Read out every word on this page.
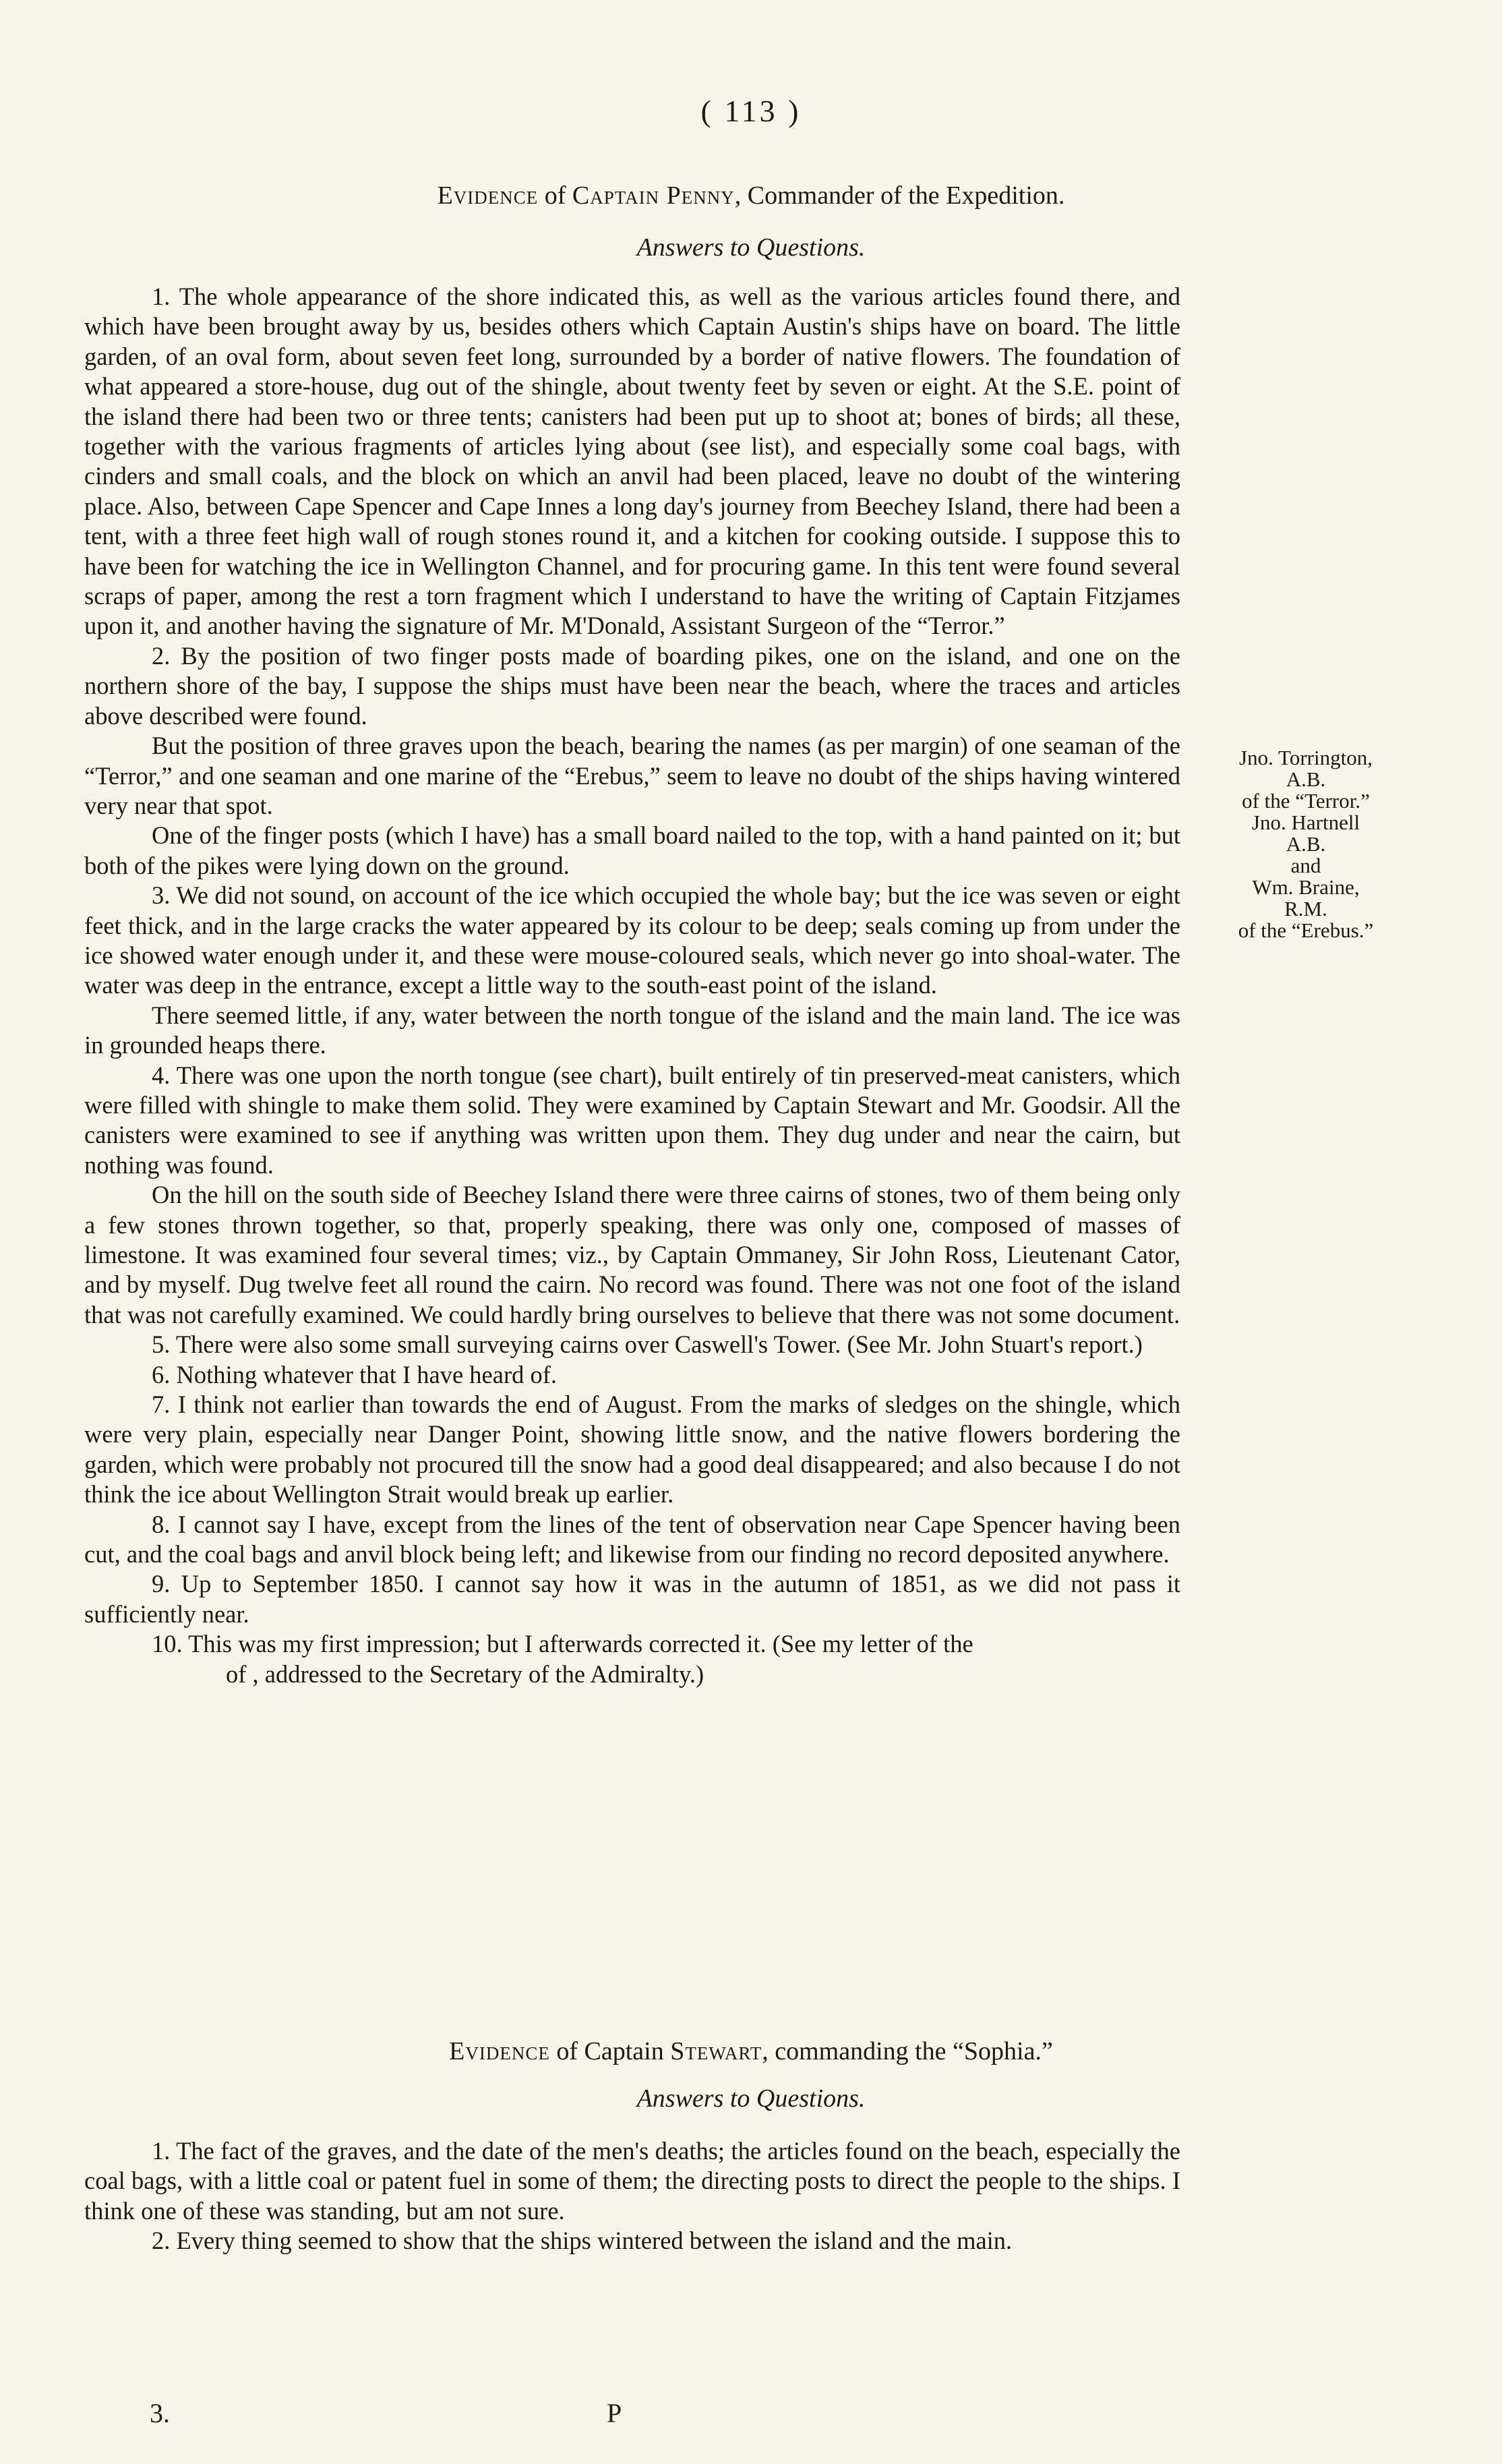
( 113 )
Evidence of Captain Penny, Commander of the Expedition.
Answers to Questions.

1. The whole appearance of the shore indicated this, as well as the various articles found there, and which have been brought away by us, besides others which Captain Austin's ships have on board. The little garden, of an oval form, about seven feet long, surrounded by a border of native flowers. The foundation of what appeared a store-house, dug out of the shingle, about twenty feet by seven or eight. At the S.E. point of the island there had been two or three tents; canisters had been put up to shoot at; bones of birds; all these, together with the various fragments of articles lying about (see list), and especially some coal bags, with cinders and small coals, and the block on which an anvil had been placed, leave no doubt of the wintering place. Also, between Cape Spencer and Cape Innes a long day's journey from Beechey Island, there had been a tent, with a three feet high wall of rough stones round it, and a kitchen for cooking outside. I suppose this to have been for watching the ice in Wellington Channel, and for procuring game. In this tent were found several scraps of paper, among the rest a torn fragment which I understand to have the writing of Captain Fitzjames upon it, and another having the signature of Mr. M'Donald, Assistant Surgeon of the “Terror.”

2. By the position of two finger posts made of boarding pikes, one on the island, and one on the northern shore of the bay, I suppose the ships must have been near the beach, where the traces and articles above described were found.

But the position of three graves upon the beach, bearing the names (as per margin) of one seaman of the “Terror,” and one seaman and one marine of the “Erebus,” seem to leave no doubt of the ships having wintered very near that spot.

One of the finger posts (which I have) has a small board nailed to the top, with a hand painted on it; but both of the pikes were lying down on the ground.

3. We did not sound, on account of the ice which occupied the whole bay; but the ice was seven or eight feet thick, and in the large cracks the water appeared by its colour to be deep; seals coming up from under the ice showed water enough under it, and these were mouse-coloured seals, which never go into shoal-water. The water was deep in the entrance, except a little way to the south-east point of the island.

There seemed little, if any, water between the north tongue of the island and the main land. The ice was in grounded heaps there.

4. There was one upon the north tongue (see chart), built entirely of tin preserved-meat canisters, which were filled with shingle to make them solid. They were examined by Captain Stewart and Mr. Goodsir. All the canisters were examined to see if anything was written upon them. They dug under and near the cairn, but nothing was found.

On the hill on the south side of Beechey Island there were three cairns of stones, two of them being only a few stones thrown together, so that, properly speaking, there was only one, composed of masses of limestone. It was examined four several times; viz., by Captain Ommaney, Sir John Ross, Lieutenant Cator, and by myself. Dug twelve feet all round the cairn. No record was found. There was not one foot of the island that was not carefully examined. We could hardly bring ourselves to believe that there was not some document.

5. There were also some small surveying cairns over Caswell's Tower. (See Mr. John Stuart's report.)

6. Nothing whatever that I have heard of.

7. I think not earlier than towards the end of August. From the marks of sledges on the shingle, which were very plain, especially near Danger Point, showing little snow, and the native flowers bordering the garden, which were probably not procured till the snow had a good deal disappeared; and also because I do not think the ice about Wellington Strait would break up earlier.

8. I cannot say I have, except from the lines of the tent of observation near Cape Spencer having been cut, and the coal bags and anvil block being left; and likewise from our finding no record deposited anywhere.

9. Up to September 1850. I cannot say how it was in the autumn of 1851, as we did not pass it sufficiently near.

10. This was my first impression; but I afterwards corrected it. (See my letter of the

of , addressed to the Secretary of the Admiralty.)

Jno. Torrington,
A.B.
of the “Terror.”
Jno. Hartnell
A.B.
and
Wm. Braine,
R.M.
of the “Erebus.”
Evidence of Captain Stewart, commanding the “Sophia.”
Answers to Questions.

1. The fact of the graves, and the date of the men's deaths; the articles found on the beach, especially the coal bags, with a little coal or patent fuel in some of them; the directing posts to direct the people to the ships. I think one of these was standing, but am not sure.

2. Every thing seemed to show that the ships wintered between the island and the main.

3.	P
